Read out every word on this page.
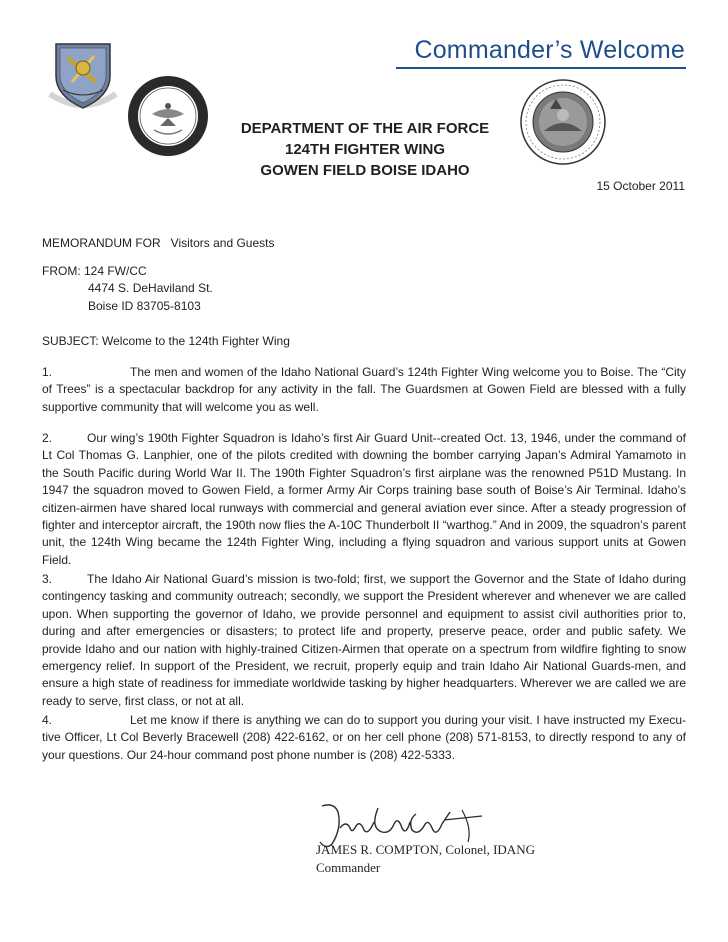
Commander’s Welcome
DEPARTMENT OF THE AIR FORCE
124TH FIGHTER WING
GOWEN FIELD BOISE IDAHO
15 October 2011
MEMORANDUM FOR   Visitors and Guests
FROM: 124 FW/CC
4474 S. DeHaviland St.
Boise ID 83705-8103
SUBJECT: Welcome to the 124th Fighter Wing
1.	The men and women of the Idaho National Guard’s 124th Fighter Wing welcome you to Boise. The “City of Trees” is a spectacular backdrop for any activity in the fall. The Guardsmen at Gowen Field are blessed with a fully supportive community that will welcome you as well.
2.	Our wing’s 190th Fighter Squadron is Idaho’s first Air Guard Unit--created Oct. 13, 1946, under the command of Lt Col Thomas G. Lanphier, one of the pilots credited with downing the bomber carrying Japan’s Admiral Yamamoto in the South Pacific during World War II. The 190th Fighter Squadron’s first airplane was the renowned P51D Mustang. In 1947 the squadron moved to Gowen Field, a former Army Air Corps training base south of Boise’s Air Terminal. Idaho’s citizen-airmen have shared local runways with commercial and general aviation ever since. After a steady progression of fighter and interceptor aircraft, the 190th now flies the A-10C Thunderbolt II “warthog.” And in 2009, the squadron’s parent unit, the 124th Wing became the 124th Fighter Wing, including a flying squadron and various support units at Gowen Field.
3.	The Idaho Air National Guard’s mission is two-fold; first, we support the Governor and the State of Idaho during contingency tasking and community outreach; secondly, we support the President wherever and whenever we are called upon. When supporting the governor of Idaho, we provide personnel and equipment to assist civil authorities prior to, during and after emergencies or disasters; to protect life and property, preserve peace, order and public safety. We provide Idaho and our nation with highly-trained Citizen-Airmen that operate on a spectrum from wildfire fighting to snow emergency relief. In support of the President, we recruit, properly equip and train Idaho Air National Guards-men, and ensure a high state of readiness for immediate worldwide tasking by higher headquarters. Wherever we are called we are ready to serve, first class, or not at all.
4.	Let me know if there is anything we can do to support you during your visit. I have instructed my Execu-tive Officer, Lt Col Beverly Bracewell (208) 422-6162, or on her cell phone (208) 571-8153, to directly respond to any of your questions. Our 24-hour command post phone number is (208) 422-5333.
JAMES R. COMPTON, Colonel, IDANG
Commander
